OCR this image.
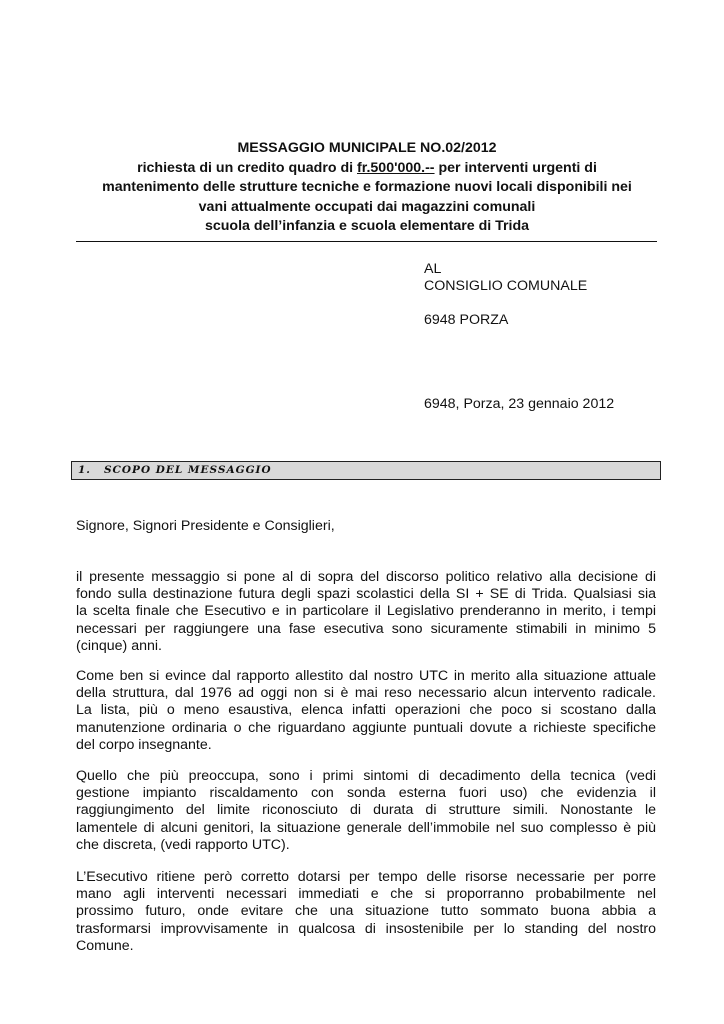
MESSAGGIO MUNICIPALE NO.02/2012
richiesta di un credito quadro di fr.500'000.-- per interventi urgenti di
mantenimento delle strutture tecniche e formazione nuovi locali disponibili nei
vani attualmente occupati dai magazzini comunali
scuola dell’infanzia e scuola elementare di Trida
AL
CONSIGLIO COMUNALE
6948 PORZA
6948, Porza, 23 gennaio 2012
1. SCOPO DEL MESSAGGIO
Signore, Signori Presidente e Consiglieri,
il presente messaggio si pone al di sopra del discorso politico relativo alla decisione di
fondo sulla destinazione futura degli spazi scolastici della SI + SE di Trida. Qualsiasi sia
la scelta finale che Esecutivo e in particolare il Legislativo prenderanno in merito, i tempi
necessari per raggiungere una fase esecutiva sono sicuramente stimabili in minimo 5
(cinque) anni.
Come ben si evince dal rapporto allestito dal nostro UTC in merito alla situazione attuale
della struttura, dal 1976 ad oggi non si è mai reso necessario alcun intervento radicale.
La lista, più o meno esaustiva, elenca infatti operazioni che poco si scostano dalla
manutenzione ordinaria o che riguardano aggiunte puntuali dovute a richieste specifiche
del corpo insegnante.
Quello che più preoccupa, sono i primi sintomi di decadimento della tecnica (vedi
gestione impianto riscaldamento con sonda esterna fuori uso) che evidenzia il
raggiungimento del limite riconosciuto di durata di strutture simili. Nonostante le
lamentele di alcuni genitori, la situazione generale dell’immobile nel suo complesso è più
che discreta, (vedi rapporto UTC).
L’Esecutivo ritiene però corretto dotarsi per tempo delle risorse necessarie per porre
mano agli interventi necessari immediati e che si proporranno probabilmente nel
prossimo futuro, onde evitare che una situazione tutto sommato buona abbia a
trasformarsi improvvisamente in qualcosa di insostenibile per lo standing del nostro
Comune.
